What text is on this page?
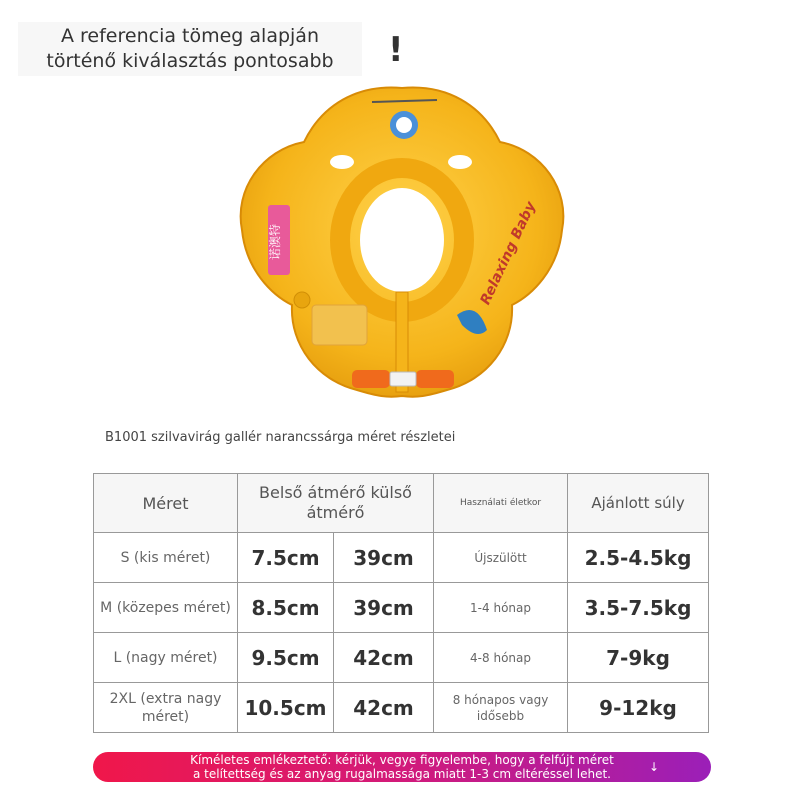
A referencia tömeg alapján
történő kiválasztás pontosabb	!
诺澳特	Relaxing Baby
B1001 szilvavirág gallér narancssárga méret részletei
Méret	Belső átmérő külső átmérő		Használati életkor	Ajánlott súly
S (kis méret)	7.5cm	39cm	Újszülött	2.5-4.5kg
M (közepes méret)	8.5cm	39cm	1-4 hónap	3.5-7.5kg
L (nagy méret)	9.5cm	42cm	4-8 hónap	7-9kg
2XL (extra nagy méret)	10.5cm	42cm	8 hónapos vagy idősebb	9-12kg
Kíméletes emlékeztető: kérjük, vegye figyelembe, hogy a felfújt méret
a telítettség és az anyag rugalmassága miatt 1-3 cm eltéréssel lehet.	↓
